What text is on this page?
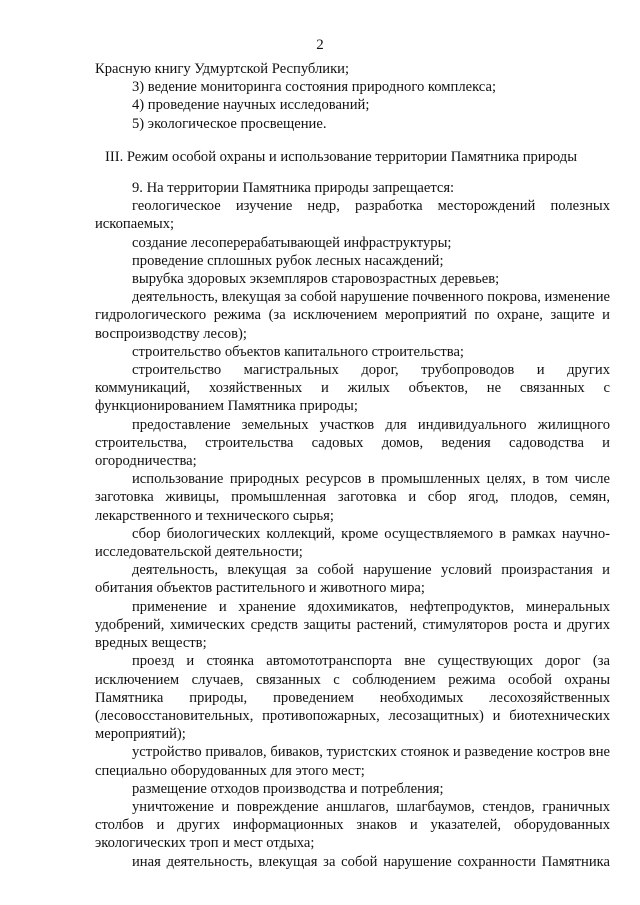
2

Красную книгу Удмуртской Республики;

3) ведение мониторинга состояния природного комплекса;

4) проведение научных исследований;

5) экологическое просвещение.

III. Режим особой охраны и использование территории Памятника природы

9. На территории Памятника природы запрещается:

геологическое изучение недр, разработка месторождений полезных ископаемых;

создание лесоперерабатывающей инфраструктуры;

проведение сплошных рубок лесных насаждений;

вырубка здоровых экземпляров старовозрастных деревьев;

деятельность, влекущая за собой нарушение почвенного покрова, изменение гидрологического режима (за исключением мероприятий по охране, защите и воспроизводству лесов);

строительство объектов капитального строительства;

строительство магистральных дорог, трубопроводов и других коммуникаций, хозяйственных и жилых объектов, не связанных с функционированием Памятника природы;

предоставление земельных участков для индивидуального жилищного строительства, строительства садовых домов, ведения садоводства и огородничества;

использование природных ресурсов в промышленных целях, в том числе заготовка живицы, промышленная заготовка и сбор ягод, плодов, семян, лекарственного и технического сырья;

сбор биологических коллекций, кроме осуществляемого в рамках научно-исследовательской деятельности;

деятельность, влекущая за собой нарушение условий произрастания и обитания объектов растительного и животного мира;

применение и хранение ядохимикатов, нефтепродуктов, минеральных удобрений, химических средств защиты растений, стимуляторов роста и других вредных веществ;

проезд и стоянка автомототранспорта вне существующих дорог (за исключением случаев, связанных с соблюдением режима особой охраны Памятника природы, проведением необходимых лесохозяйственных (лесовосстановительных, противопожарных, лесозащитных) и биотехнических мероприятий);

устройство привалов, биваков, туристских стоянок и разведение костров вне специально оборудованных для этого мест;

размещение отходов производства и потребления;

уничтожение и повреждение аншлагов, шлагбаумов, стендов, граничных столбов и других информационных знаков и указателей, оборудованных экологических троп и мест отдыха;

иная деятельность, влекущая за собой нарушение сохранности Памятника
